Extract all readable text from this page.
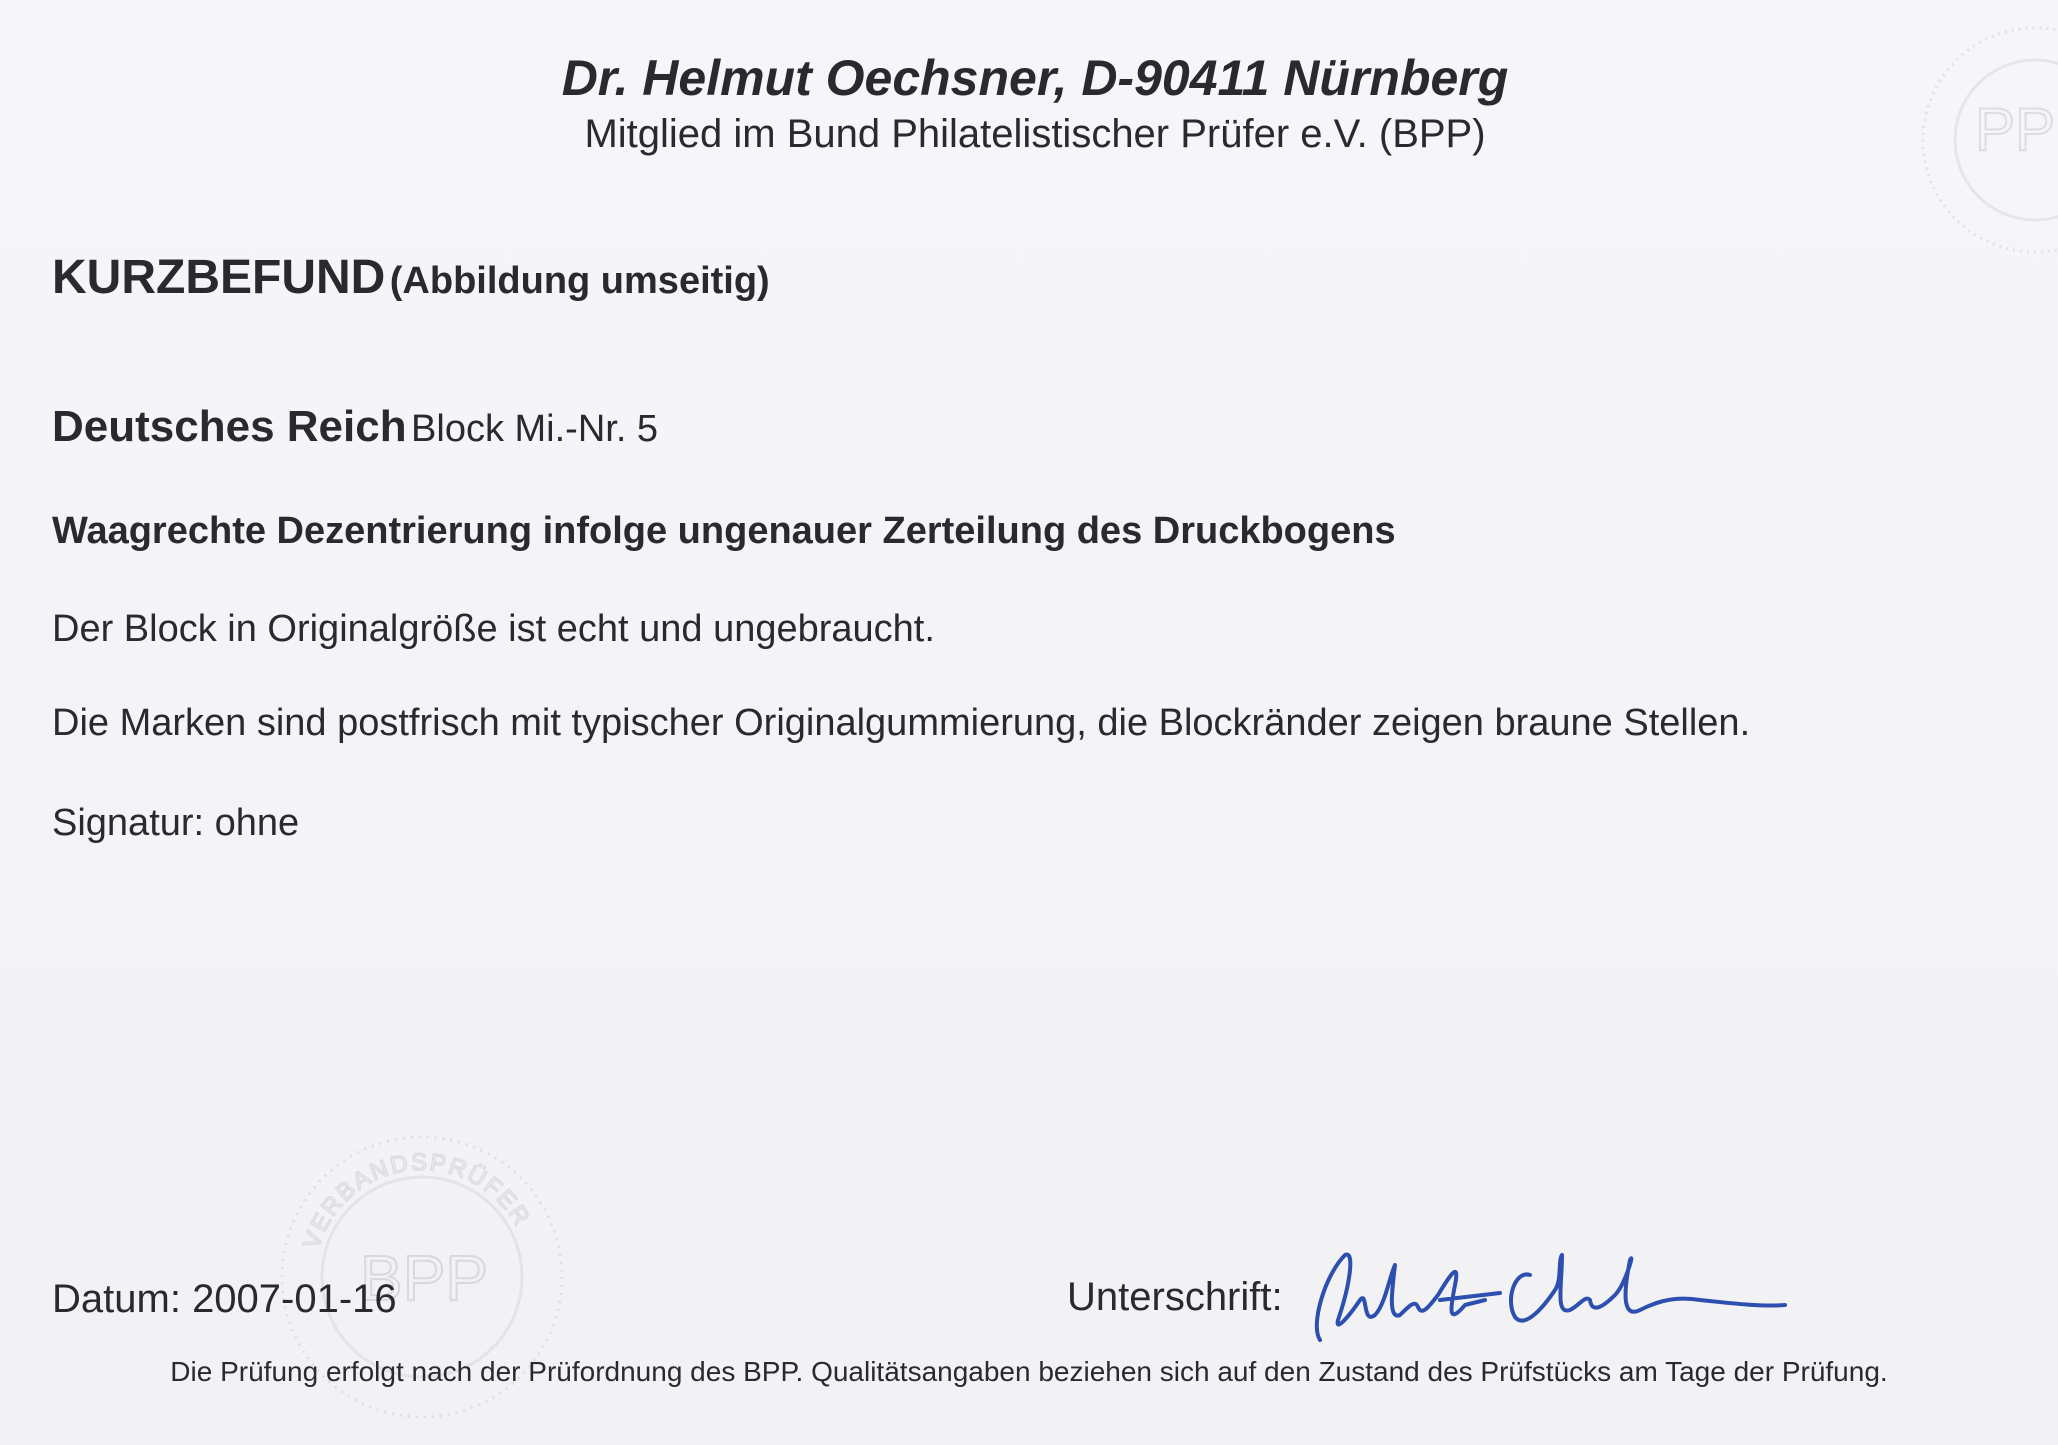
PP
VERBANDSPRÜFER
BPP
Dr. Helmut Oechsner, D-90411 Nürnberg
Mitglied im Bund Philatelistischer Prüfer e.V. (BPP)
KURZBEFUND (Abbildung umseitig)
Deutsches Reich Block Mi.-Nr. 5
Waagrechte Dezentrierung infolge ungenauer Zerteilung des Druckbogens
Der Block in Originalgröße ist echt und ungebraucht.
Die Marken sind postfrisch mit typischer Originalgummierung, die Blockränder zeigen braune Stellen.
Signatur: ohne
Datum: 2007-01-16	Unterschrift:
Die Prüfung erfolgt nach der Prüfordnung des BPP. Qualitätsangaben beziehen sich auf den Zustand des Prüfstücks am Tage der Prüfung.
